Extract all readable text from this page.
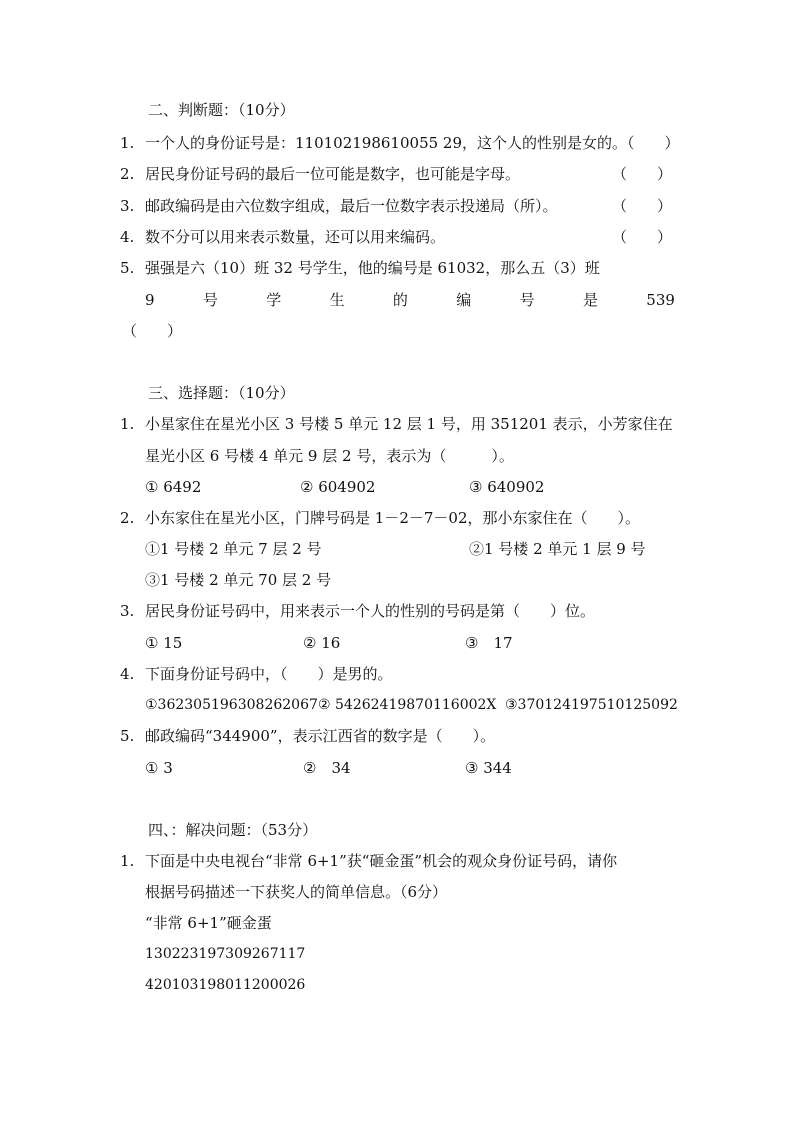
二、判断题：（10分）
1. 一个人的身份证号是：110102198610055 29，这个人的性别是女的。（　　）
2. 居民身份证号码的最后一位可能是数字，也可能是字母。	（　　）
3. 邮政编码是由六位数字组成，最后一位数字表示投递局（所）。	（　　）
4. 数不分可以用来表示数量，还可以用来编码。	（　　）
5. 强强是六（10）班 32 号学生，他的编号是 61032，那么五（3）班
9	号	学	生	的	编	号	是	539
（　　）
三、选择题：（10分）
1. 小星家住在星光小区 3 号楼 5 单元 12 层 1 号，用 351201 表示，小芳家住在
星光小区 6 号楼 4 单元 9 层 2 号，表示为（　　　）。
① 6492	② 604902	③ 640902
2. 小东家住在星光小区，门牌号码是 1－2－7－02，那小东家住在（　　）。
①1 号楼 2 单元 7 层 2 号	②1 号楼 2 单元 1 层 9 号
③1 号楼 2 单元 70 层 2 号
3. 居民身份证号码中，用来表示一个人的性别的号码是第（　　）位。
① 15	② 16	③　17
4. 下面身份证号码中，（　　）是男的。
①362305196308262067 ② 54262419870116002X ③370124197510125092
5. 邮政编码“344900”，表示江西省的数字是（　　）。
① 3	②　34	③ 344
四、：解决问题：（53分）
1. 下面是中央电视台“非常 6+1”获“砸金蛋”机会的观众身份证号码，请你
根据号码描述一下获奖人的简单信息。（6分）
“非常 6+1”砸金蛋
130223197309267117
420103198011200026
